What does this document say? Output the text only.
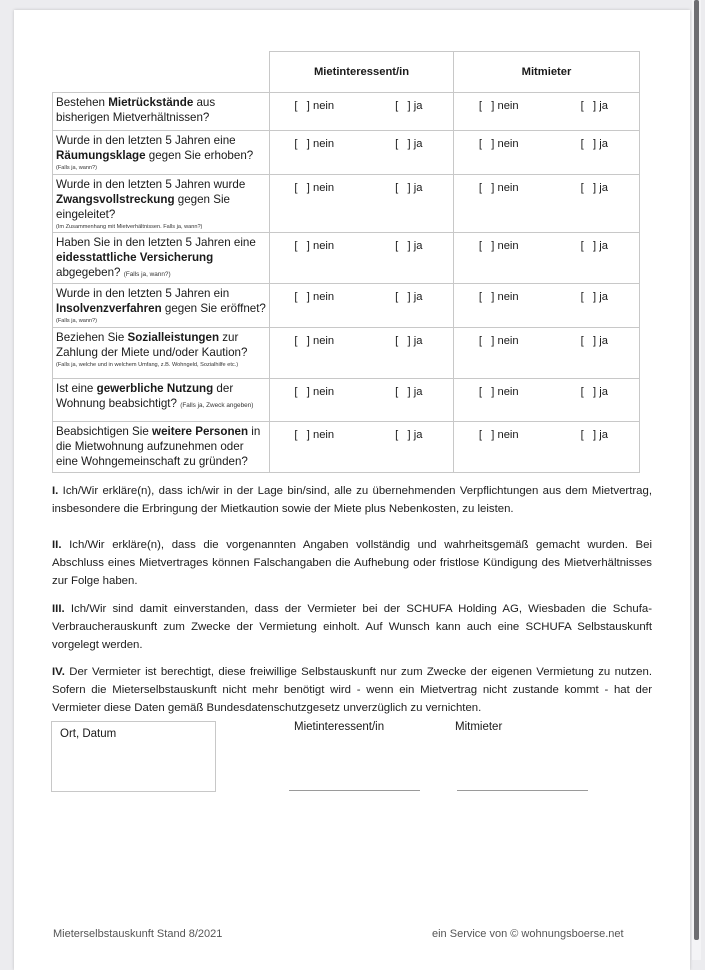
	Mietinteressent/in	Mitmieter

Bestehen Mietrückstände aus bisherigen Mietverhältnissen?	[   ] nein [   ] ja	[   ] nein [   ] ja

Wurde in den letzten 5 Jahren eine Räumungsklage gegen Sie erhoben?
(Falls ja, wann?)	[   ] nein [   ] ja	[   ] nein [   ] ja

Wurde in den letzten 5 Jahren wurde Zwangsvollstreckung gegen Sie eingeleitet?
(Im Zusammenhang mit Mietverhältnissen. Falls ja, wann?)	[   ] nein [   ] ja	[   ] nein [   ] ja

Haben Sie in den letzten 5 Jahren eine eidesstattliche Versicherung abgegeben? (Falls ja, wann?)	[   ] nein [   ] ja	[   ] nein [   ] ja

Wurde in den letzten 5 Jahren ein Insolvenzverfahren gegen Sie eröffnet?
(Falls ja, wann?)	[   ] nein [   ] ja	[   ] nein [   ] ja

Beziehen Sie Sozialleistungen zur Zahlung der Miete und/oder Kaution?
(Falls ja, welche und in welchem Umfang, z.B. Wohngeld, Sozialhilfe etc.)	[   ] nein [   ] ja	[   ] nein [   ] ja

Ist eine gewerbliche Nutzung der Wohnung beabsichtigt? (Falls ja, Zweck angeben)	[   ] nein [   ] ja	[   ] nein [   ] ja

Beabsichtigen Sie weitere Personen in die Mietwohnung aufzunehmen oder eine Wohngemeinschaft zu gründen?	[   ] nein [   ] ja	[   ] nein [   ] ja
I. Ich/Wir erkläre(n), dass ich/wir in der Lage bin/sind, alle zu übernehmenden Verpflichtungen aus dem Mietvertrag, insbesondere die Erbringung der Mietkaution sowie der Miete plus Nebenkosten, zu leisten.
II. Ich/Wir erkläre(n), dass die vorgenannten Angaben vollständig und wahrheitsgemäß gemacht wurden. Bei Abschluss eines Mietvertrages können Falschangaben die Aufhebung oder fristlose Kündigung des Mietverhältnisses zur Folge haben.
III. Ich/Wir sind damit einverstanden, dass der Vermieter bei der SCHUFA Holding AG, Wiesbaden die Schufa-Verbraucherauskunft zum Zwecke der Vermietung einholt. Auf Wunsch kann auch eine SCHUFA Selbstauskunft vorgelegt werden.
IV. Der Vermieter ist berechtigt, diese freiwillige Selbstauskunft nur zum Zwecke der eigenen Vermietung zu nutzen. Sofern die Mieterselbstauskunft nicht mehr benötigt wird - wenn ein Mietvertrag nicht zustande kommt - hat der Vermieter diese Daten gemäß Bundesdatenschutzgesetz unverzüglich zu vernichten.
Ort, Datum
Mietinteressent/in	Mitmieter
Mieterselbstauskunft Stand 8/2021	ein Service von © wohnungsboerse.net
